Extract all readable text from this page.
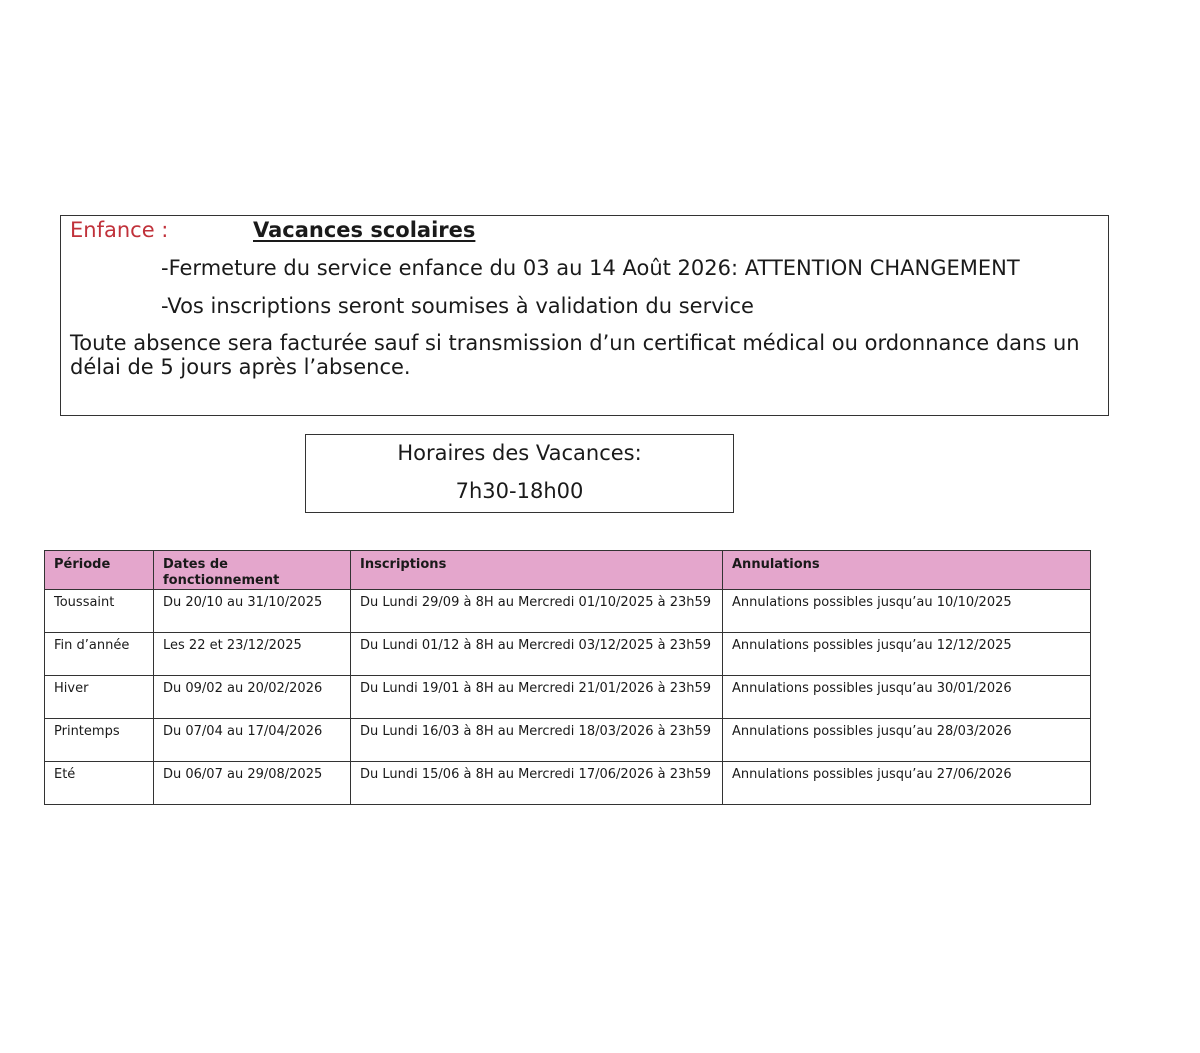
Enfance :	Vacances scolaires
-Fermeture du service enfance du 03 au 14 Août 2026: ATTENTION CHANGEMENT
-Vos inscriptions seront soumises à validation du service
Toute absence sera facturée sauf si transmission d’un certificat médical ou ordonnance dans un délai de 5 jours après l’absence.
Horaires des Vacances:
7h30-18h00
Période	Dates de fonctionnement	Inscriptions	Annulations
Toussaint	Du 20/10 au 31/10/2025	Du Lundi 29/09 à 8H au Mercredi 01/10/2025 à 23h59	Annulations possibles jusqu’au 10/10/2025
Fin d’année	Les 22 et 23/12/2025	Du Lundi 01/12 à 8H au Mercredi 03/12/2025 à 23h59	Annulations possibles jusqu’au 12/12/2025
Hiver	Du 09/02 au 20/02/2026	Du Lundi 19/01 à 8H au Mercredi 21/01/2026 à 23h59	Annulations possibles jusqu’au 30/01/2026
Printemps	Du 07/04 au 17/04/2026	Du Lundi 16/03 à 8H au Mercredi 18/03/2026 à 23h59	Annulations possibles jusqu’au 28/03/2026
Eté	Du 06/07 au 29/08/2025	Du Lundi 15/06 à 8H au Mercredi 17/06/2026 à 23h59	Annulations possibles jusqu’au 27/06/2026
